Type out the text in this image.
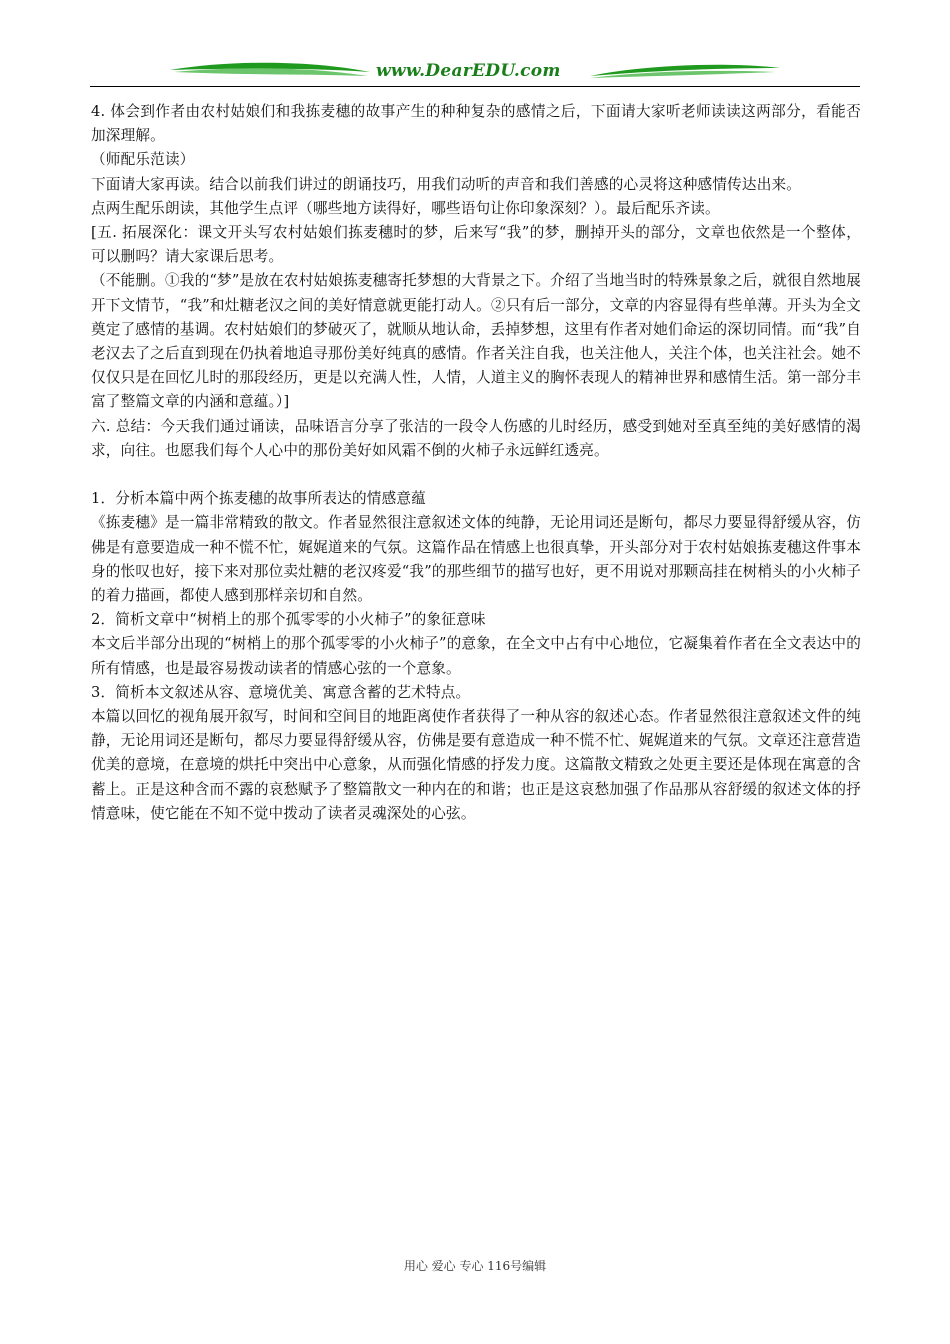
www.DearEDU.com

4. 体会到作者由农村姑娘们和我拣麦穗的故事产生的种种复杂的感情之后，下面请大家听老师读读这两部分，看能否加深理解。

（师配乐范读）

下面请大家再读。结合以前我们讲过的朗诵技巧，用我们动听的声音和我们善感的心灵将这种感情传达出来。

点两生配乐朗读，其他学生点评（哪些地方读得好，哪些语句让你印象深刻？）。最后配乐齐读。

[五. 拓展深化：课文开头写农村姑娘们拣麦穗时的梦，后来写“我”的梦，删掉开头的部分，文章也依然是一个整体，可以删吗？请大家课后思考。

（不能删。①我的“梦”是放在农村姑娘拣麦穗寄托梦想的大背景之下。介绍了当地当时的特殊景象之后，就很自然地展开下文情节，“我”和灶糖老汉之间的美好情意就更能打动人。②只有后一部分，文章的内容显得有些单薄。开头为全文奠定了感情的基调。农村姑娘们的梦破灭了，就顺从地认命，丢掉梦想，这里有作者对她们命运的深切同情。而“我”自老汉去了之后直到现在仍执着地追寻那份美好纯真的感情。作者关注自我，也关注他人，关注个体，也关注社会。她不仅仅只是在回忆儿时的那段经历，更是以充满人性，人情，人道主义的胸怀表现人的精神世界和感情生活。第一部分丰富了整篇文章的内涵和意蕴。）]

六. 总结：今天我们通过诵读，品味语言分享了张洁的一段令人伤感的儿时经历，感受到她对至真至纯的美好感情的渴求，向往。也愿我们每个人心中的那份美好如风霜不倒的火柿子永远鲜红透亮。

1．分析本篇中两个拣麦穗的故事所表达的情感意蕴

《拣麦穗》是一篇非常精致的散文。作者显然很注意叙述文体的纯静，无论用词还是断句，都尽力要显得舒缓从容，仿佛是有意要造成一种不慌不忙，娓娓道来的气氛。这篇作品在情感上也很真挚，开头部分对于农村姑娘拣麦穗这件事本身的怅叹也好，接下来对那位卖灶糖的老汉疼爱“我”的那些细节的描写也好，更不用说对那颗高挂在树梢头的小火柿子的着力描画，都使人感到那样亲切和自然。

2．简析文章中“树梢上的那个孤零零的小火柿子”的象征意味

本文后半部分出现的“树梢上的那个孤零零的小火柿子”的意象，在全文中占有中心地位，它凝集着作者在全文表达中的所有情感，也是最容易拨动读者的情感心弦的一个意象。

3．简析本文叙述从容、意境优美、寓意含蓄的艺术特点。

本篇以回忆的视角展开叙写，时间和空间目的地距离使作者获得了一种从容的叙述心态。作者显然很注意叙述文件的纯静，无论用词还是断句，都尽力要显得舒缓从容，仿佛是要有意造成一种不慌不忙、娓娓道来的气氛。文章还注意营造优美的意境，在意境的烘托中突出中心意象，从而强化情感的抒发力度。这篇散文精致之处更主要还是体现在寓意的含蓄上。正是这种含而不露的哀愁赋予了整篇散文一种内在的和谐；也正是这哀愁加强了作品那从容舒缓的叙述文体的抒情意味，使它能在不知不觉中拨动了读者灵魂深处的心弦。

用心 爱心 专心 116号编辑
